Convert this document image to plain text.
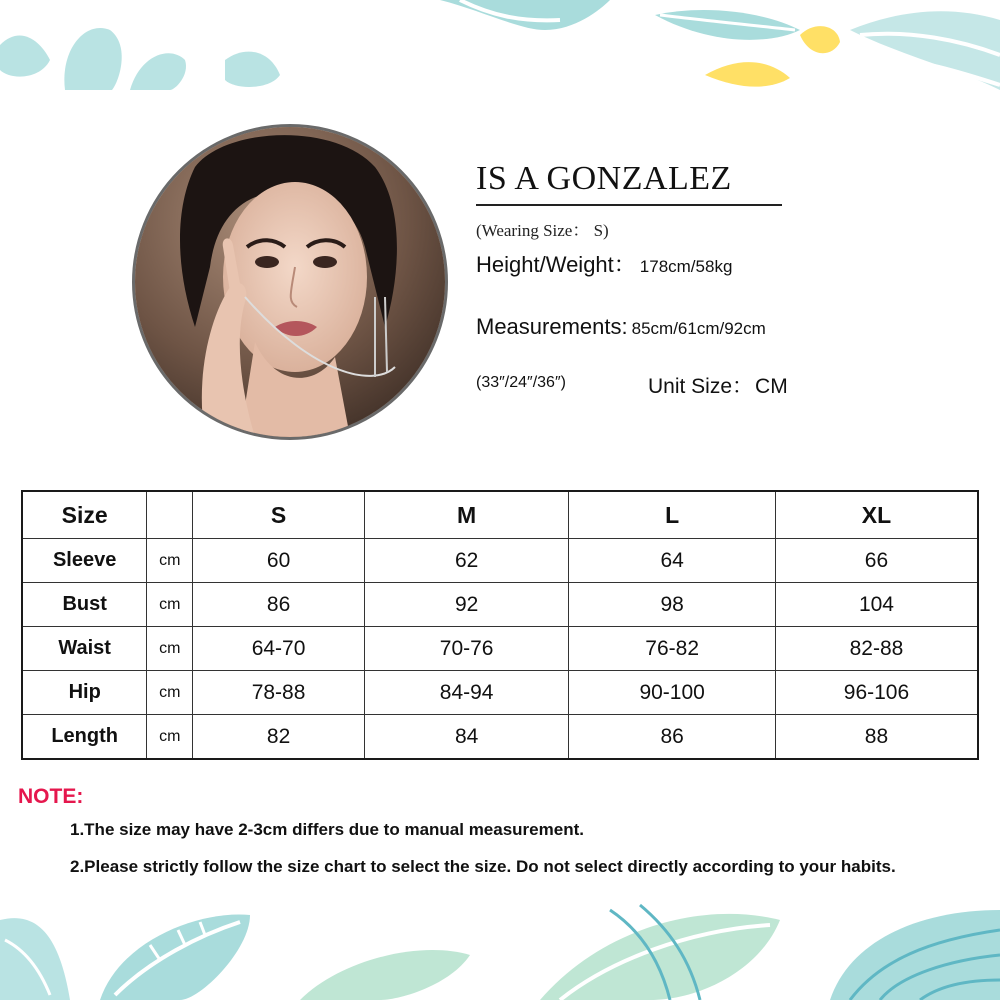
IS A GONZALEZ
(Wearing Size： S)
Height/Weight： 178cm/58kg
Measurements: 85cm/61cm/92cm
(33″/24″/36″)	Unit Size：CM
Size		S	M	L	XL
Sleeve	cm	60	62	64	66
Bust	cm	86	92	98	104
Waist	cm	64-70	70-76	76-82	82-88
Hip	cm	78-88	84-94	90-100	96-106
Length	cm	82	84	86	88
NOTE:
1.The size may have 2-3cm differs due to manual measurement.
2.Please strictly follow the size chart to select the size. Do not select directly according to your habits.
